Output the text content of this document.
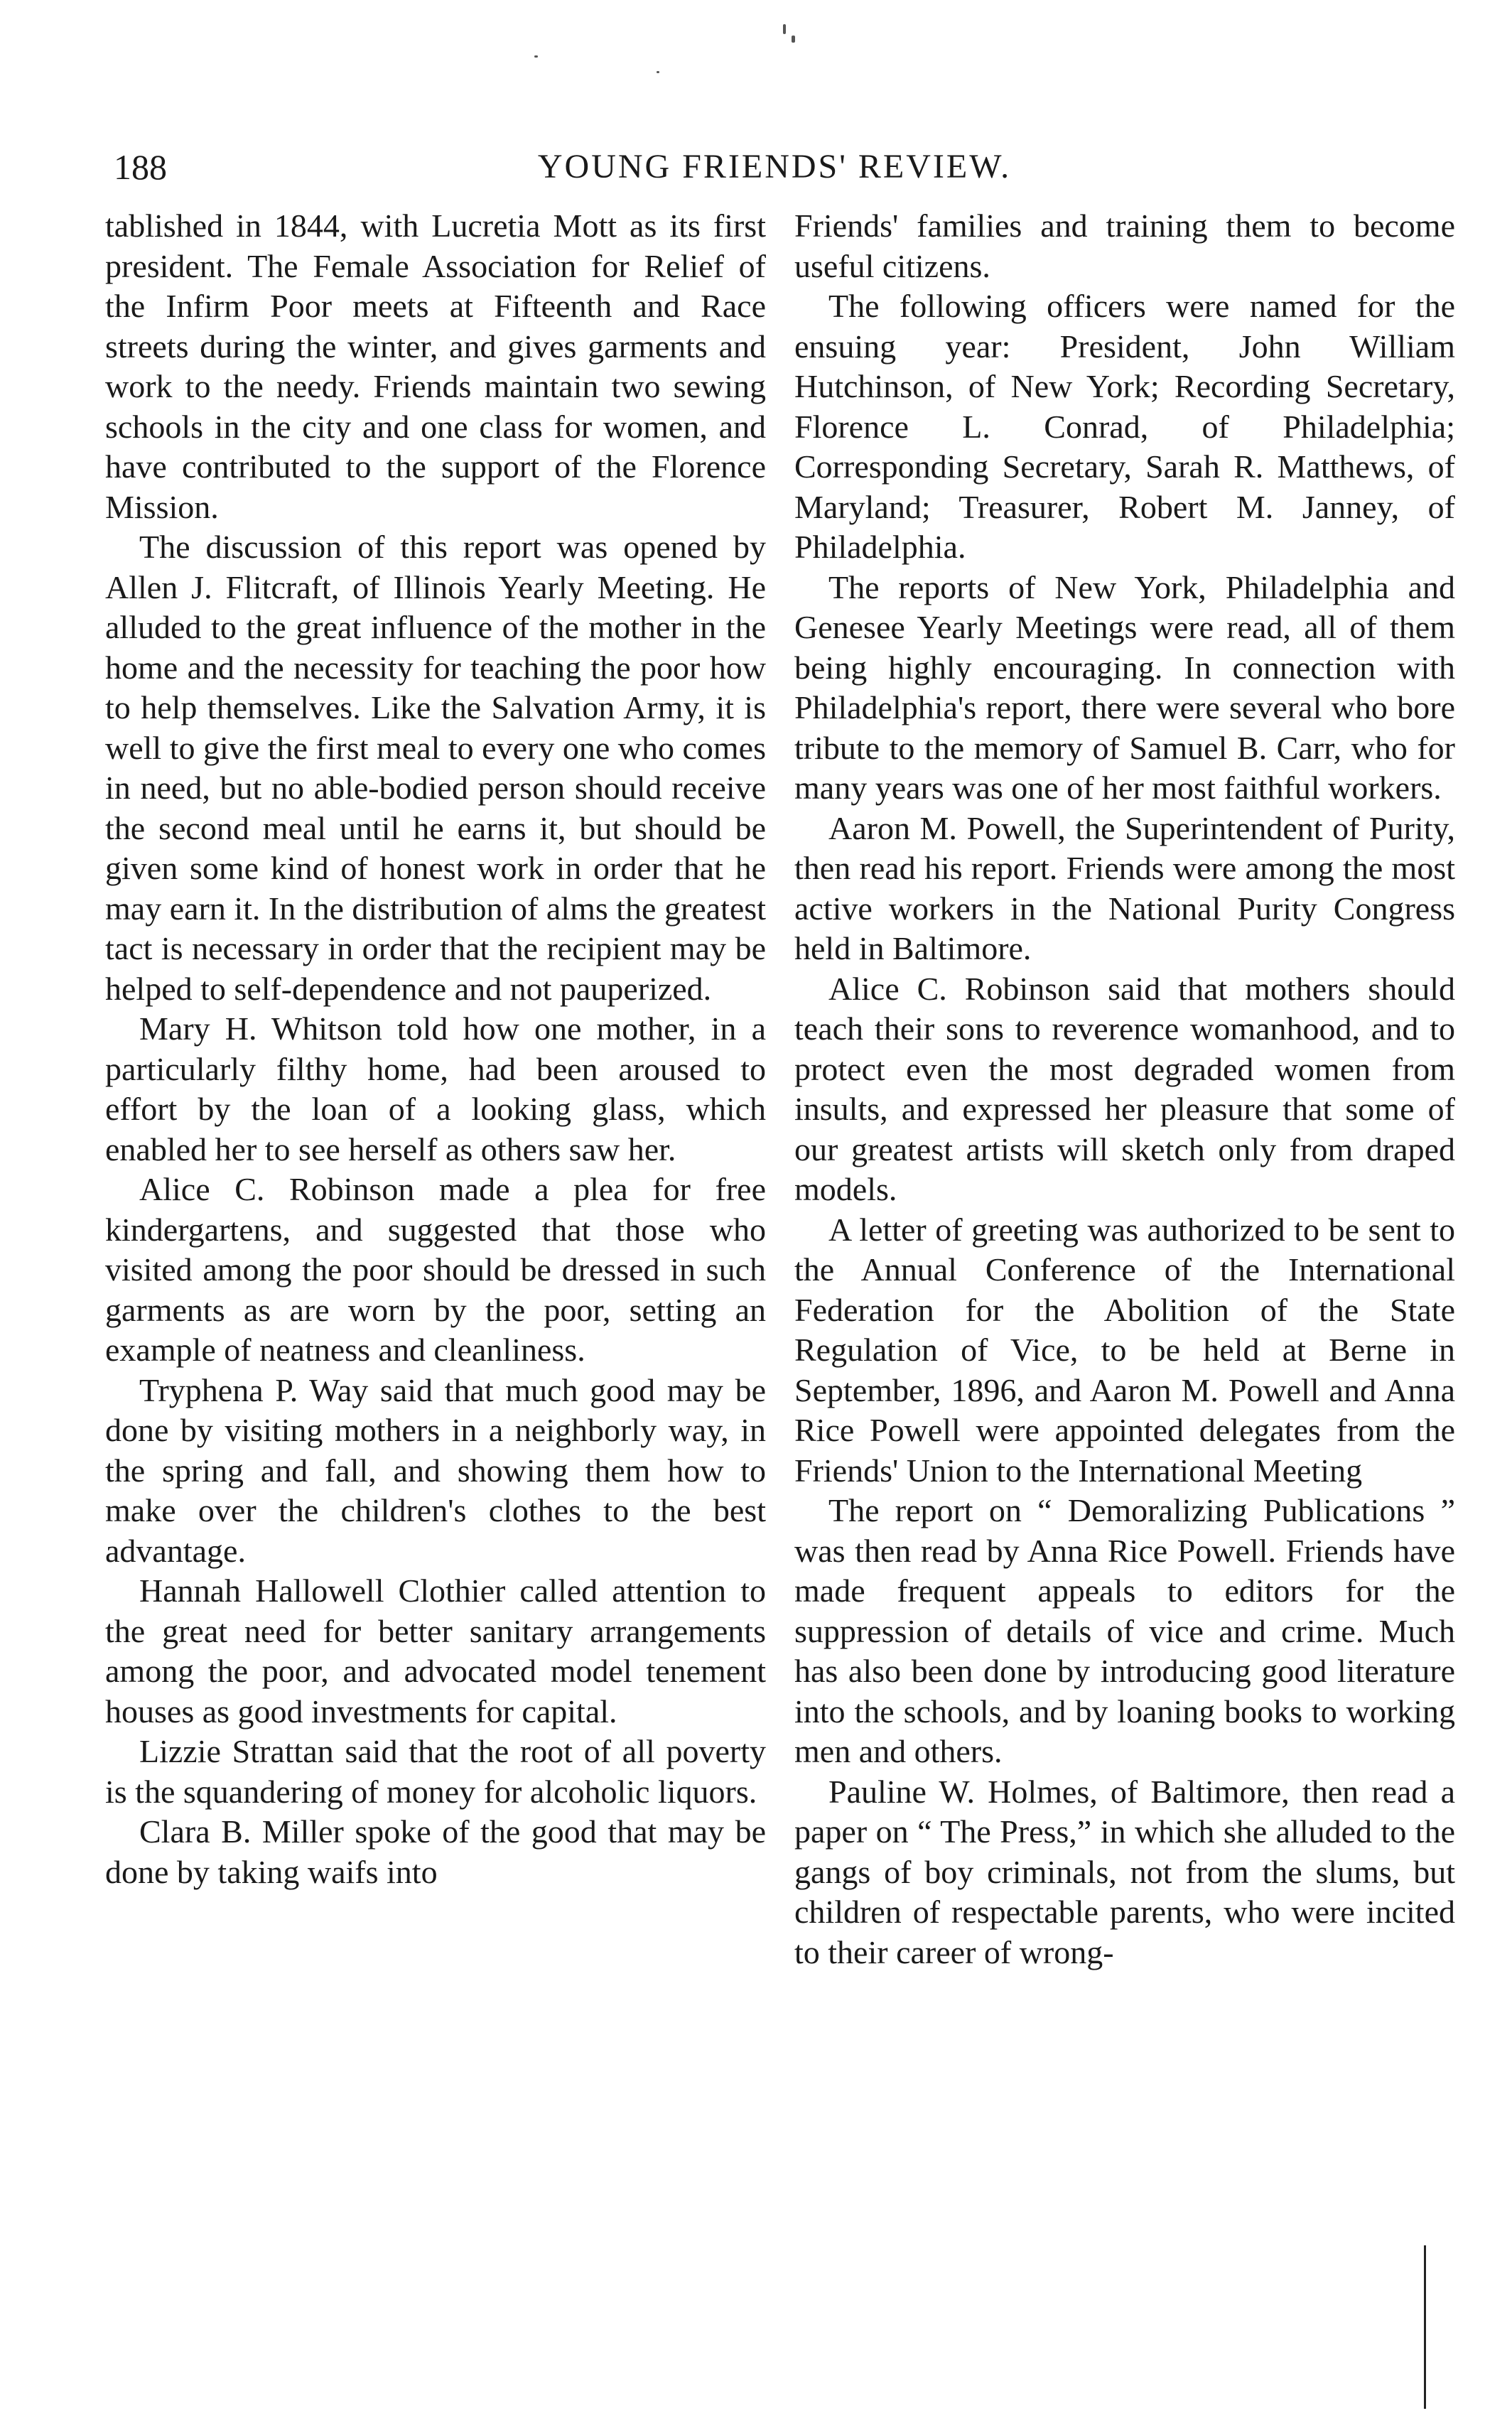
188	YOUNG FRIENDS' REVIEW.

tablished in 1844, with Lucretia Mott as its first president. The Female Association for Relief of the Infirm Poor meets at Fifteenth and Race streets during the winter, and gives garments and work to the needy. Friends maintain two sewing schools in the city and one class for women, and have contributed to the support of the Florence Mission.

The discussion of this report was opened by Allen J. Flitcraft, of Illinois Yearly Meeting. He alluded to the great influence of the mother in the home and the necessity for teaching the poor how to help themselves. Like the Salvation Army, it is well to give the first meal to every one who comes in need, but no able-bodied person should receive the second meal until he earns it, but should be given some kind of honest work in order that he may earn it. In the distribution of alms the greatest tact is necessary in order that the recipient may be helped to self-dependence and not pauperized.

Mary H. Whitson told how one mother, in a particularly filthy home, had been aroused to effort by the loan of a looking glass, which enabled her to see herself as others saw her.

Alice C. Robinson made a plea for free kindergartens, and suggested that those who visited among the poor should be dressed in such garments as are worn by the poor, setting an example of neatness and cleanliness.

Tryphena P. Way said that much good may be done by visiting mothers in a neighborly way, in the spring and fall, and showing them how to make over the children's clothes to the best advantage.

Hannah Hallowell Clothier called attention to the great need for better sanitary arrangements among the poor, and advocated model tenement houses as good investments for capital.

Lizzie Strattan said that the root of all poverty is the squandering of money for alcoholic liquors.

Clara B. Miller spoke of the good that may be done by taking waifs into

Friends' families and training them to become useful citizens.

The following officers were named for the ensuing year: President, John William Hutchinson, of New York; Recording Secretary, Florence L. Conrad, of Philadelphia; Corresponding Secretary, Sarah R. Matthews, of Maryland; Treasurer, Robert M. Janney, of Philadelphia.

The reports of New York, Philadelphia and Genesee Yearly Meetings were read, all of them being highly encouraging. In connection with Philadelphia's report, there were several who bore tribute to the memory of Samuel B. Carr, who for many years was one of her most faithful workers.

Aaron M. Powell, the Superintendent of Purity, then read his report. Friends were among the most active workers in the National Purity Congress held in Baltimore.

Alice C. Robinson said that mothers should teach their sons to reverence womanhood, and to protect even the most degraded women from insults, and expressed her pleasure that some of our greatest artists will sketch only from draped models.

A letter of greeting was authorized to be sent to the Annual Conference of the International Federation for the Abolition of the State Regulation of Vice, to be held at Berne in September, 1896, and Aaron M. Powell and Anna Rice Powell were appointed delegates from the Friends' Union to the International Meeting

The report on “ Demoralizing Publications ” was then read by Anna Rice Powell. Friends have made frequent appeals to editors for the suppression of details of vice and crime. Much has also been done by introducing good literature into the schools, and by loaning books to working men and others.

Pauline W. Holmes, of Baltimore, then read a paper on “ The Press,” in which she alluded to the gangs of boy criminals, not from the slums, but children of respectable parents, who were incited to their career of wrong-
